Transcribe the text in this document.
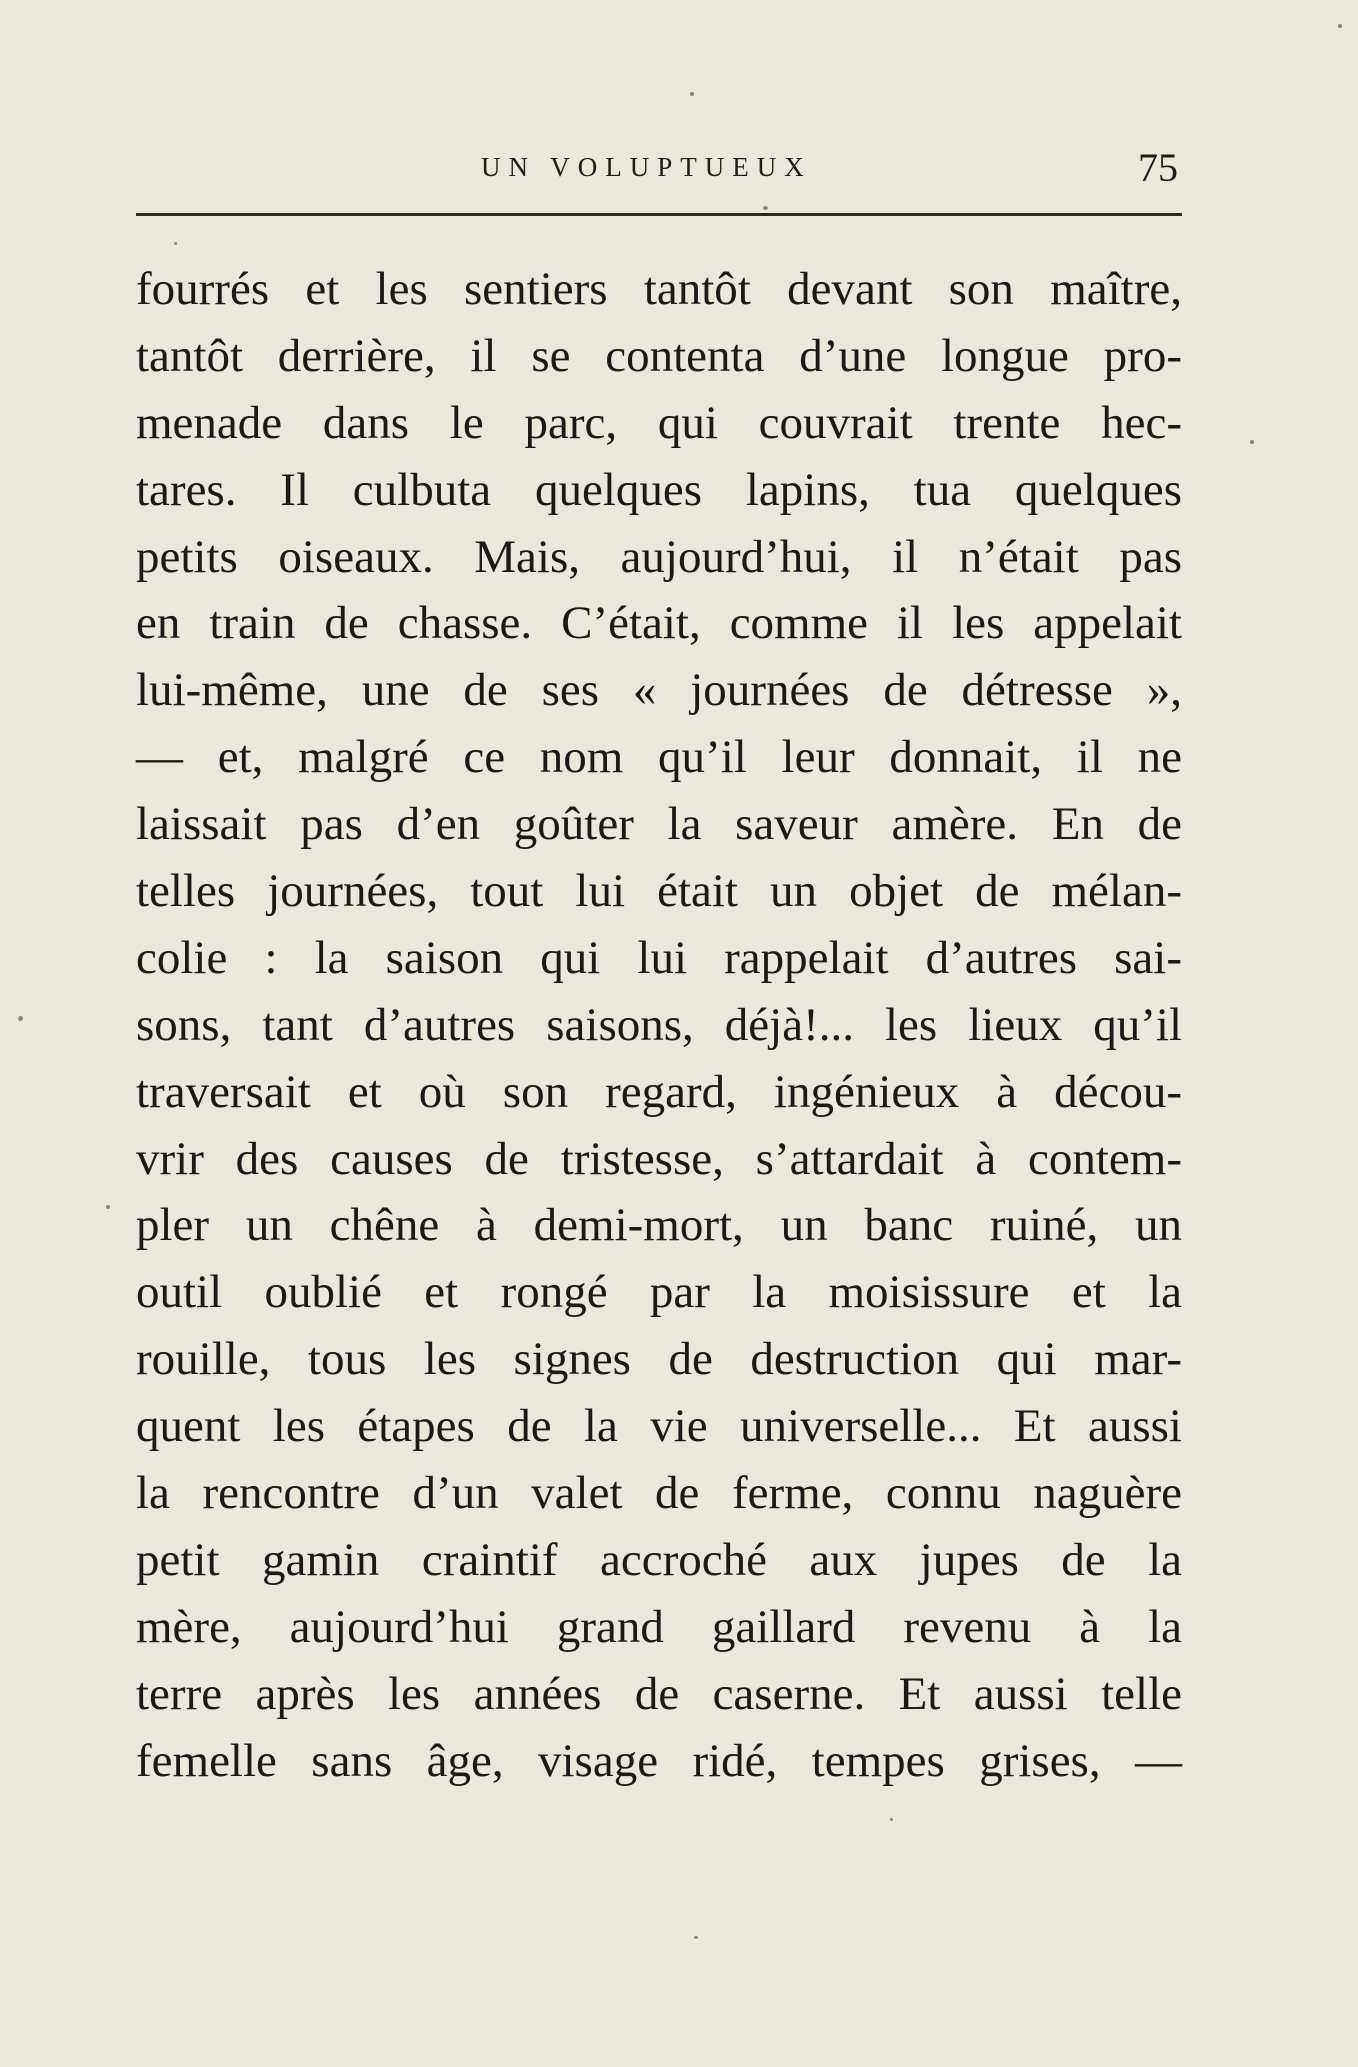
UN VOLUPTUEUX	75
fourrés et les sentiers tantôt devant son maître,
tantôt derrière, il se contenta d’une longue pro-
menade dans le parc, qui couvrait trente hec-
tares. Il culbuta quelques lapins, tua quelques
petits oiseaux. Mais, aujourd’hui, il n’était pas
en train de chasse. C’était, comme il les appelait
lui-même, une de ses « journées de détresse »,
— et, malgré ce nom qu’il leur donnait, il ne
laissait pas d’en goûter la saveur amère. En de
telles journées, tout lui était un objet de mélan-
colie : la saison qui lui rappelait d’autres sai-
sons, tant d’autres saisons, déjà!... les lieux qu’il
traversait et où son regard, ingénieux à décou-
vrir des causes de tristesse, s’attardait à contem-
pler un chêne à demi-mort, un banc ruiné, un
outil oublié et rongé par la moisissure et la
rouille, tous les signes de destruction qui mar-
quent les étapes de la vie universelle... Et aussi
la rencontre d’un valet de ferme, connu naguère
petit gamin craintif accroché aux jupes de la
mère, aujourd’hui grand gaillard revenu à la
terre après les années de caserne. Et aussi telle
femelle sans âge, visage ridé, tempes grises, —
